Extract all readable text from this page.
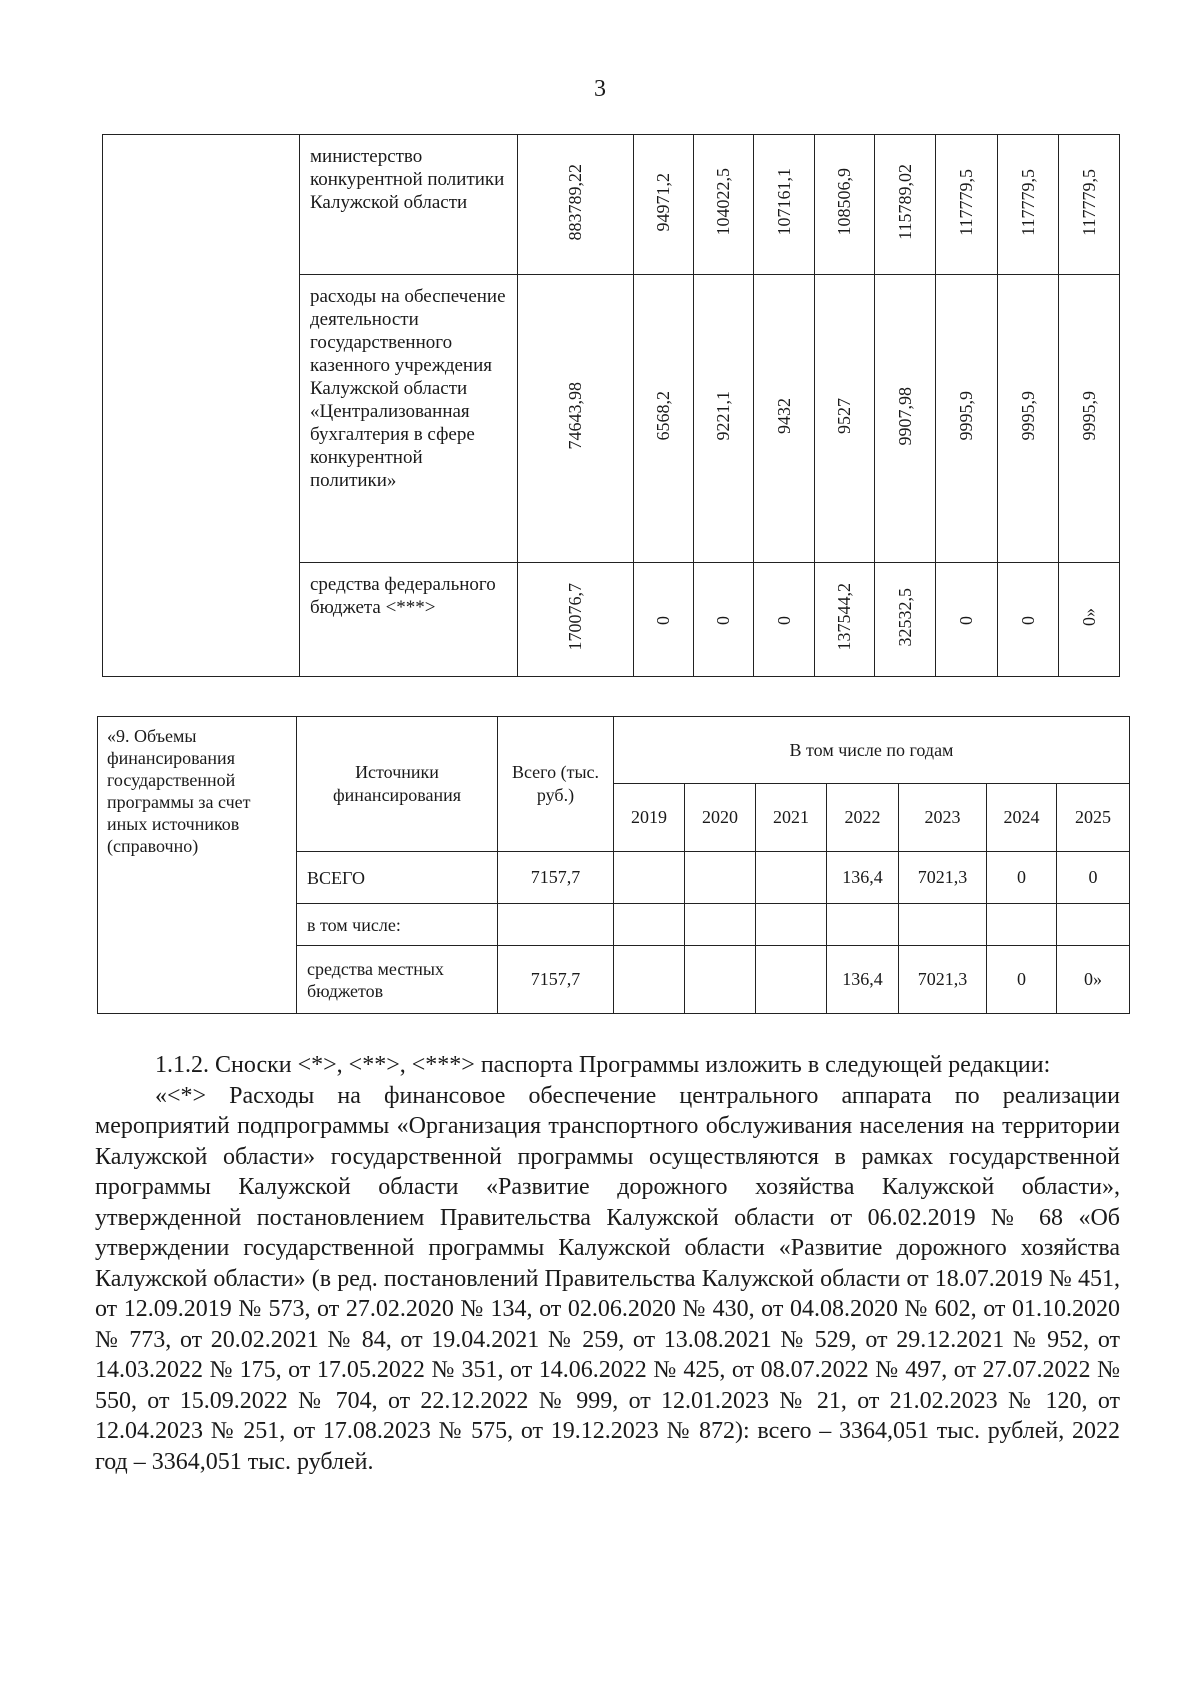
3
	министерство конкурентной политики Калужской области	883789,22	94971,2	104022,5	107161,1	108506,9	115789,02	117779,5	117779,5	117779,5
	расходы на обеспечение деятельности государственного казенного учреждения Калужской области «Централизованная бухгалтерия в сфере конкурентной политики»	74643,98	6568,2	9221,1	9432	9527	9907,98	9995,9	9995,9	9995,9
	средства федерального бюджета <***>	170076,7	0	0	0	137544,2	32532,5	0	0	0»
«9. Объемы финансирования государственной программы за счет иных источников (справочно)	Источники финансирования	Всего (тыс. руб.)	В том числе по годам						
			2019	2020	2021	2022	2023	2024	2025
	ВСЕГО	7157,7				136,4	7021,3	0	0
	в том числе:								
	средства местных бюджетов	7157,7				136,4	7021,3	0	0»

1.1.2. Сноски <*>, <**>, <***> паспорта Программы изложить в следующей редакции:

«<*> Расходы на финансовое обеспечение центрального аппарата по реализации мероприятий подпрограммы «Организация транспортного обслуживания населения на территории Калужской области» государственной программы осуществляются в рамках государственной программы Калужской области «Развитие дорожного хозяйства Калужской области», утвержденной постановлением Правительства Калужской области от 06.02.2019 № 68 «Об утверждении государственной программы Калужской области «Развитие дорожного хозяйства Калужской области» (в ред. постановлений Правительства Калужской области от 18.07.2019 № 451, от 12.09.2019 № 573, от 27.02.2020 № 134, от 02.06.2020 № 430, от 04.08.2020 № 602, от 01.10.2020 № 773, от 20.02.2021 № 84, от 19.04.2021 № 259, от 13.08.2021 № 529, от 29.12.2021 № 952, от 14.03.2022 № 175, от 17.05.2022 № 351, от 14.06.2022 № 425, от 08.07.2022 № 497, от 27.07.2022 № 550, от 15.09.2022 № 704, от 22.12.2022 № 999, от 12.01.2023 № 21, от 21.02.2023 № 120, от 12.04.2023 № 251, от 17.08.2023 № 575, от 19.12.2023 № 872): всего – 3364,051 тыс. рублей, 2022 год – 3364,051 тыс. рублей.
